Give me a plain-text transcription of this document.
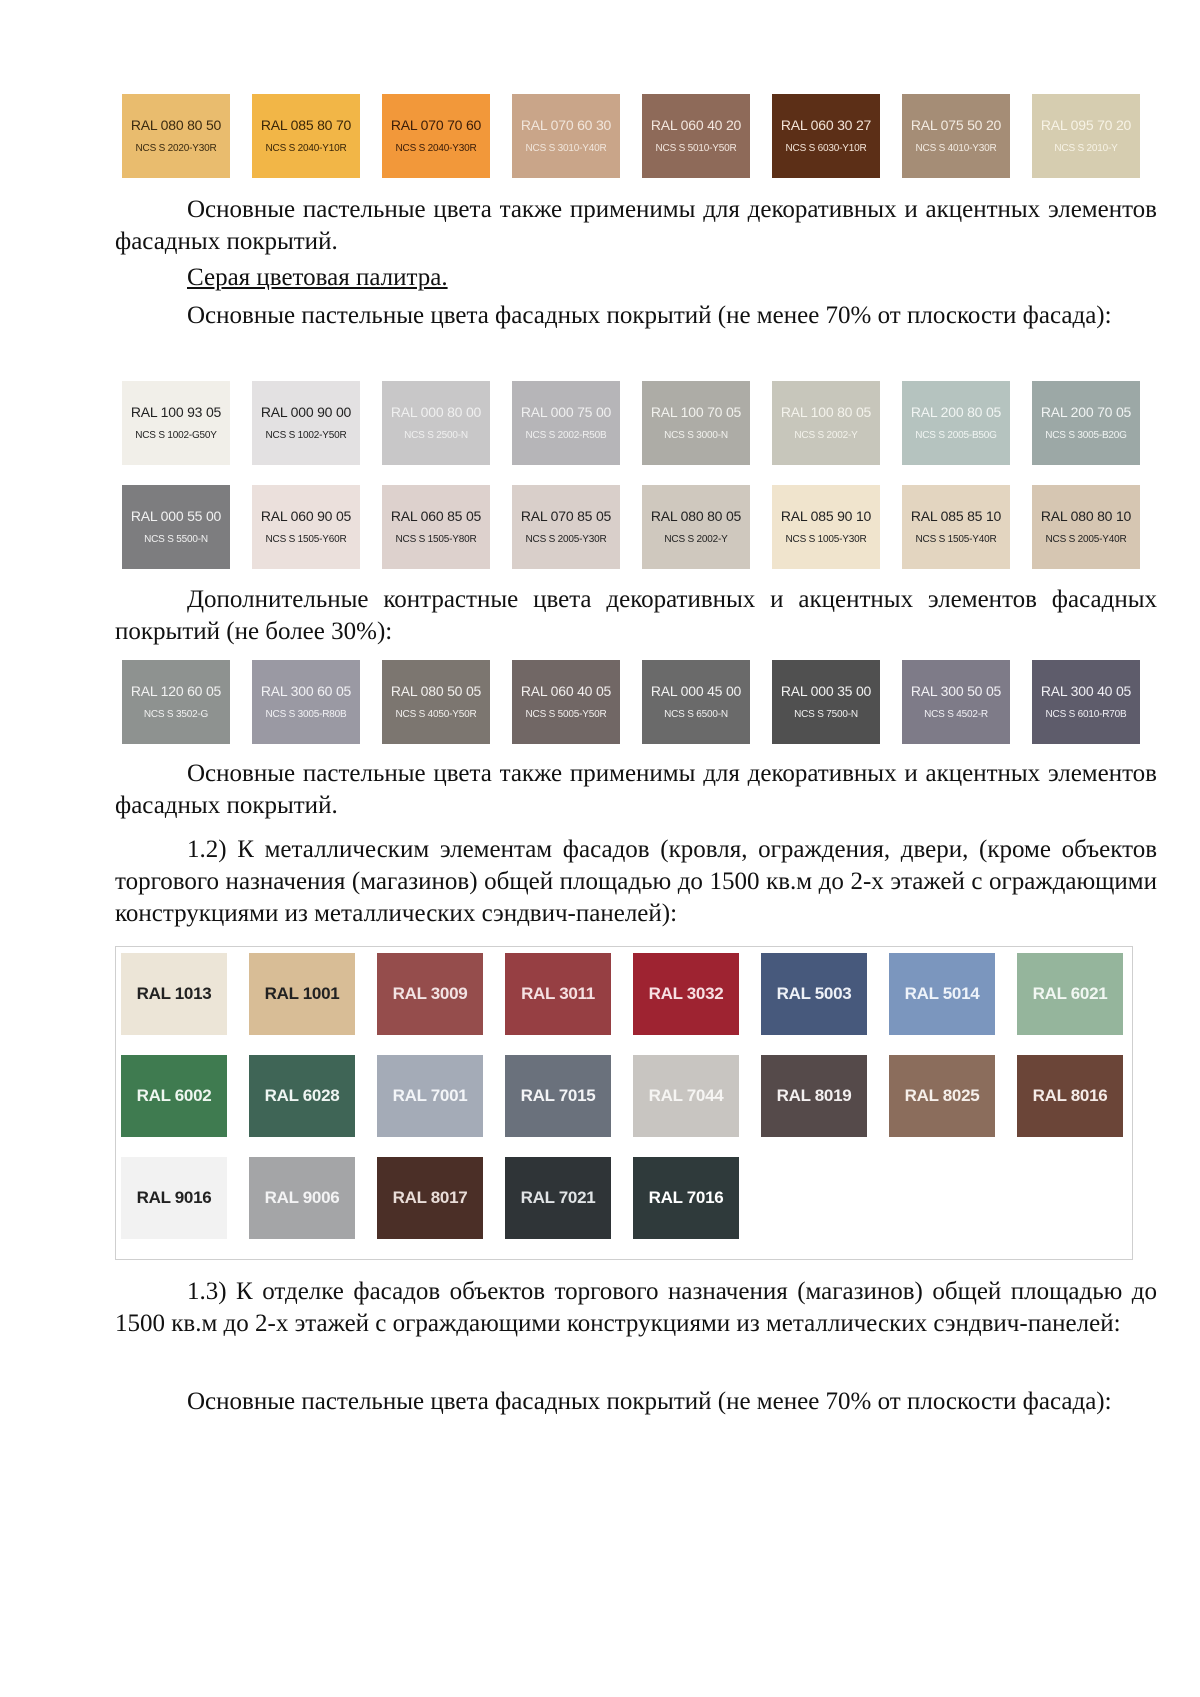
RAL 080 80 50
NCS S 2020-Y30R
RAL 085 80 70
NCS S 2040-Y10R
RAL 070 70 60
NCS S 2040-Y30R
RAL 070 60 30
NCS S 3010-Y40R
RAL 060 40 20
NCS S 5010-Y50R
RAL 060 30 27
NCS S 6030-Y10R
RAL 075 50 20
NCS S 4010-Y30R
RAL 095 70 20
NCS S 2010-Y

Основные пастельные цвета также применимы для декоративных и акцентных элементов фасадных покрытий.

Серая цветовая палитра.

Основные пастельные цвета фасадных покрытий (не менее 70% от плоскости фасада):

RAL 100 93 05
NCS S 1002-G50Y
RAL 000 90 00
NCS S 1002-Y50R
RAL 000 80 00
NCS S 2500-N
RAL 000 75 00
NCS S 2002-R50B
RAL 100 70 05
NCS S 3000-N
RAL 100 80 05
NCS S 2002-Y
RAL 200 80 05
NCS S 2005-B50G
RAL 200 70 05
NCS S 3005-B20G
RAL 000 55 00
NCS S 5500-N
RAL 060 90 05
NCS S 1505-Y60R
RAL 060 85 05
NCS S 1505-Y80R
RAL 070 85 05
NCS S 2005-Y30R
RAL 080 80 05
NCS S 2002-Y
RAL 085 90 10
NCS S 1005-Y30R
RAL 085 85 10
NCS S 1505-Y40R
RAL 080 80 10
NCS S 2005-Y40R

Дополнительные контрастные цвета декоративных и акцентных элементов фасадных покрытий (не более 30%):

RAL 120 60 05
NCS S 3502-G
RAL 300 60 05
NCS S 3005-R80B
RAL 080 50 05
NCS S 4050-Y50R
RAL 060 40 05
NCS S 5005-Y50R
RAL 000 45 00
NCS S 6500-N
RAL 000 35 00
NCS S 7500-N
RAL 300 50 05
NCS S 4502-R
RAL 300 40 05
NCS S 6010-R70B

Основные пастельные цвета также применимы для декоративных и акцентных элементов фасадных покрытий.

1.2) К металлическим элементам фасадов (кровля, ограждения, двери, (кроме объектов торгового назначения (магазинов) общей площадью до 1500 кв.м до 2-х этажей с ограждающими конструкциями из металлических сэндвич-панелей):

RAL 1013	RAL 1001	RAL 3009	RAL 3011	RAL 3032	RAL 5003	RAL 5014	RAL 6021
RAL 6002	RAL 6028	RAL 7001	RAL 7015	RAL 7044	RAL 8019	RAL 8025	RAL 8016
RAL 9016	RAL 9006	RAL 8017	RAL 7021	RAL 7016

1.3) К отделке фасадов объектов торгового назначения (магазинов) общей площадью до 1500 кв.м до 2-х этажей с ограждающими конструкциями из металлических сэндвич-панелей:

Основные пастельные цвета фасадных покрытий (не менее 70% от плоскости фасада):
